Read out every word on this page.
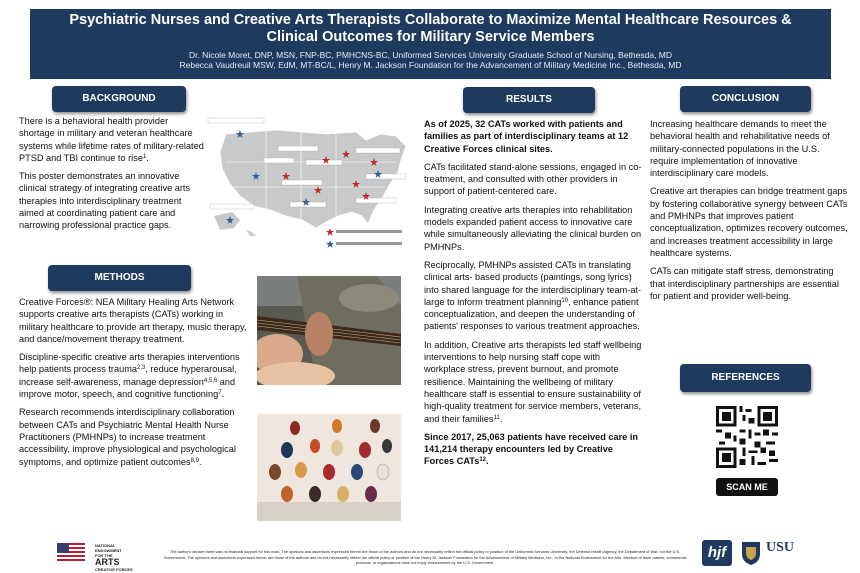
Psychiatric Nurses and Creative Arts Therapists Collaborate to Maximize Mental Healthcare Resources &
Clinical Outcomes for Military Service Members
Dr. Nicole Moret, DNP, MSN, FNP-BC, PMHCNS-BC, Uniformed Services University Graduate School of Nursing, Bethesda, MD
Rebecca Vaudreuil MSW, EdM, MT-BC/L, Henry M. Jackson Foundation for the Advancement of Military Medicine Inc., Bethesda, MD
BACKGROUND	RESULTS	CONCLUSION
METHODS
REFERENCES

There is a behavioral health provider shortage in military and veteran healthcare systems while lifetime rates of military-related PTSD and TBI continue to rise$^1$.

This poster demonstrates an innovative clinical strategy of integrating creative arts therapies into interdisciplinary treatment aimed at coordinating patient care and narrowing professional practice gaps.

Creative Forces®: NEA Military Healing Arts Network supports creative arts therapists (CATs) working in military healthcare to provide art therapy, music therapy, and dance/movement therapy treatment.

Discipline-specific creative arts therapies interventions help patients process trauma$^{2,3}$, reduce hyperarousal, increase self-awareness, manage depression$^{4,5,6}$ and improve motor, speech, and cognitive functioning$^7$.

Research recommends interdisciplinary collaboration between CATs and Psychiatric Mental Health Nurse Practitioners (PMHNPs) to increase treatment accessibility, improve physiological and psychological symptoms, and optimize patient outcomes$^{8,9}$.

As of 2025, 32 CATs worked with patients and families as part of interdisciplinary teams at 12 Creative Forces clinical sites.

CATs facilitated stand-alone sessions, engaged in co-treatment, and consulted with other providers in support of patient-centered care.

Integrating creative arts therapies into rehabilitation models expanded patient access to innovative care while simultaneously alleviating the clinical burden on PMHNPs.

Reciprocally, PMHNPs assisted CATs in translating clinical arts- based products (paintings, song lyrics) into shared language for the interdisciplinary team-at-large to inform treatment planning$^{10}$, enhance patient conceptualization, and deepen the understanding of patients' responses to various treatment approaches.

In addition, Creative arts therapists led staff wellbeing interventions to help nursing staff cope with workplace stress, prevent burnout, and promote resilience. Maintaining the wellbeing of military healthcare staff is essential to ensure sustainability of high-quality treatment for service members, veterans, and their families$^{11}$.

Since 2017, 25,063 patients have received care in 141,214 therapy encounters led by Creative Forces CATs$^{12}$.

Increasing healthcare demands to meet the behavioral health and rehabilitative needs of military-connected populations in the U.S. require implementation of innovative interdisciplinary care models.

Creative art therapies can bridge treatment gaps by fostering collaborative synergy between CATs and PMHNPs that improves patient conceptualization, optimizes recovery outcomes, and increases treatment accessibility in large healthcare systems.

CATs can mitigate staff stress, demonstrating that interdisciplinary partnerships are essential for patient and provider well-being.

SCAN ME
NATIONAL ENDOWMENT FOR THEARTS
CREATIVE FORCES
The authors declare there was no financial support for this work. The opinions and assertions expressed herein are those of the authors and do not necessarily reflect the official policy or position of the Uniformed Services University, the Defense Health Agency, the Department of War, nor the U.S. Government. The opinions and assertions expressed herein are those of the authors and do not necessarily reflect the official policy or position of the Henry M. Jackson Foundation for the Advancement of Military Medicine, Inc., or the National Endowment for the Arts. Mention of trade names, commercial products, or organizations does not imply endorsement by the U.S. Government.
hjf	USU
